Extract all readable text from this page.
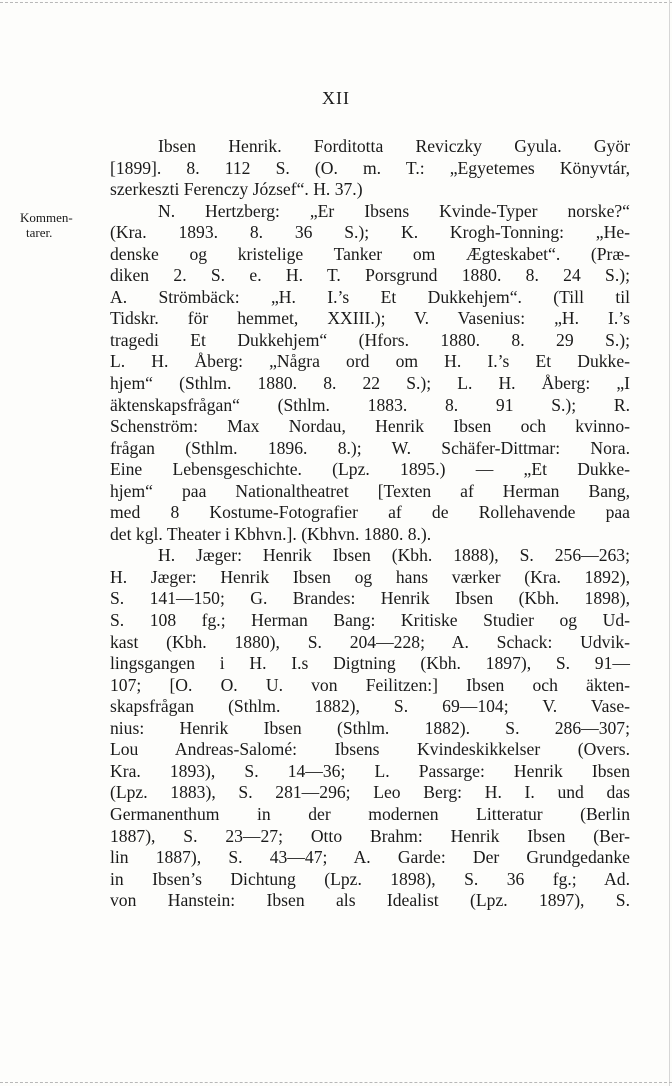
XII
Kommen-
tarer.
Ibsen Henrik. Forditotta Reviczky Gyula. Györ
[1899]. 8. 112 S. (O. m. T.: „Egyetemes Könyvtár,
szerkeszti Ferenczy József“. H. 37.)
N. Hertzberg: „Er Ibsens Kvinde-Typer norske?“
(Kra. 1893. 8. 36 S.); K. Krogh-Tonning: „He-
denske og kristelige Tanker om Ægteskabet“. (Præ-
diken 2. S. e. H. T. Porsgrund 1880. 8. 24 S.);
A. Strömbäck: „H. I.’s Et Dukkehjem“. (Till til
Tidskr. för hemmet, XXIII.); V. Vasenius: „H. I.’s
tragedi Et Dukkehjem“ (Hfors. 1880. 8. 29 S.);
L. H. Åberg: „Några ord om H. I.’s Et Dukke-
hjem“ (Sthlm. 1880. 8. 22 S.); L. H. Åberg: „I
äktenskapsfrågan“ (Sthlm. 1883. 8. 91 S.); R.
Schenström: Max Nordau, Henrik Ibsen och kvinno-
frågan (Sthlm. 1896. 8.); W. Schäfer-Dittmar: Nora.
Eine Lebensgeschichte. (Lpz. 1895.) — „Et Dukke-
hjem“ paa Nationaltheatret [Texten af Herman Bang,
med 8 Kostume-Fotografier af de Rollehavende paa
det kgl. Theater i Kbhvn.]. (Kbhvn. 1880. 8.).
H. Jæger: Henrik Ibsen (Kbh. 1888), S. 256—263;
H. Jæger: Henrik Ibsen og hans værker (Kra. 1892),
S. 141—150; G. Brandes: Henrik Ibsen (Kbh. 1898),
S. 108 fg.; Herman Bang: Kritiske Studier og Ud-
kast (Kbh. 1880), S. 204—228; A. Schack: Udvik-
lingsgangen i H. I.s Digtning (Kbh. 1897), S. 91—
107; [O. O. U. von Feilitzen:] Ibsen och äkten-
skapsfrågan (Sthlm. 1882), S. 69—104; V. Vase-
nius: Henrik Ibsen (Sthlm. 1882). S. 286—307;
Lou Andreas-Salomé: Ibsens Kvindeskikkelser (Overs.
Kra. 1893), S. 14—36; L. Passarge: Henrik Ibsen
(Lpz. 1883), S. 281—296; Leo Berg: H. I. und das
Germanenthum in der modernen Litteratur (Berlin
1887), S. 23—27; Otto Brahm: Henrik Ibsen (Ber-
lin 1887), S. 43—47; A. Garde: Der Grundgedanke
in Ibsen’s Dichtung (Lpz. 1898), S. 36 fg.; Ad.
von Hanstein: Ibsen als Idealist (Lpz. 1897), S.
